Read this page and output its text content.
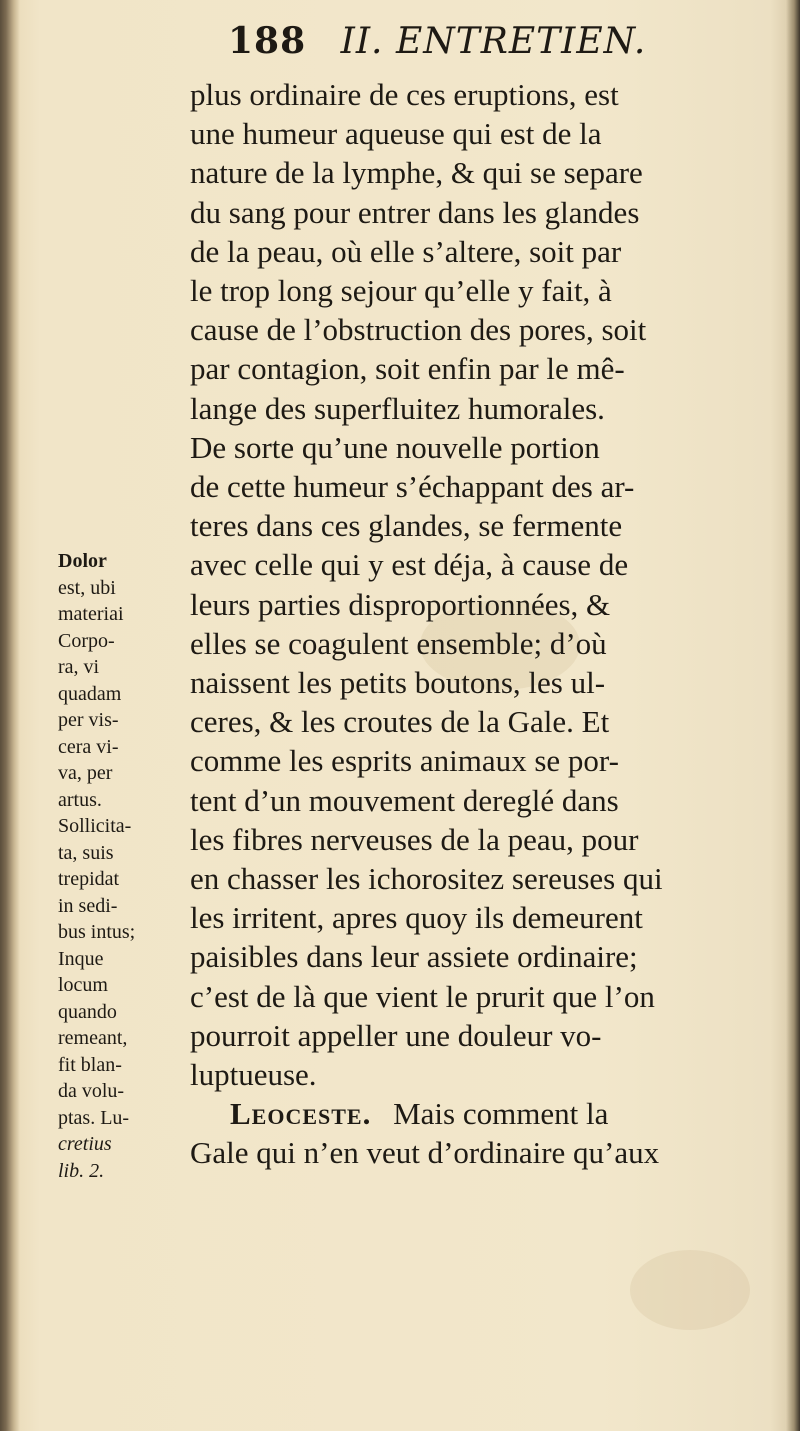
188 II. ENTRETIEN.
plus ordinaire de ces eruptions, est
une humeur aqueuse qui est de la
nature de la lymphe, & qui se separe
du sang pour entrer dans les glandes
de la peau, où elle s’altere, soit par
le trop long sejour qu’elle y fait, à
cause de l’obstruction des pores, soit
par contagion, soit enfin par le mê-
lange des superfluitez humorales.
De sorte qu’une nouvelle portion
de cette humeur s’échappant des ar-
teres dans ces glandes, se fermente
avec celle qui y est déja, à cause de
leurs parties disproportionnées, &
elles se coagulent ensemble; d’où
naissent les petits boutons, les ul-
ceres, & les croutes de la Gale. Et
comme les esprits animaux se por-
tent d’un mouvement dereglé dans
les fibres nerveuses de la peau, pour
en chasser les ichorositez sereuses qui
les irritent, apres quoy ils demeurent
paisibles dans leur assiete ordinaire;
c’est de là que vient le prurit que l’on
pourroit appeller une douleur vo-
luptueuse.
Leoceste. Mais comment la
Gale qui n’en veut d’ordinaire qu’aux
Dolor
est, ubi
materiai
Corpo-
ra, vi
quadam
per vis-
cera vi-
va, per
artus.
Sollicita-
ta, suis
trepidat
in sedi-
bus intus;
Inque
locum
quando
remeant,
fit blan-
da volu-
ptas. Lu-
cretius
lib. 2.
